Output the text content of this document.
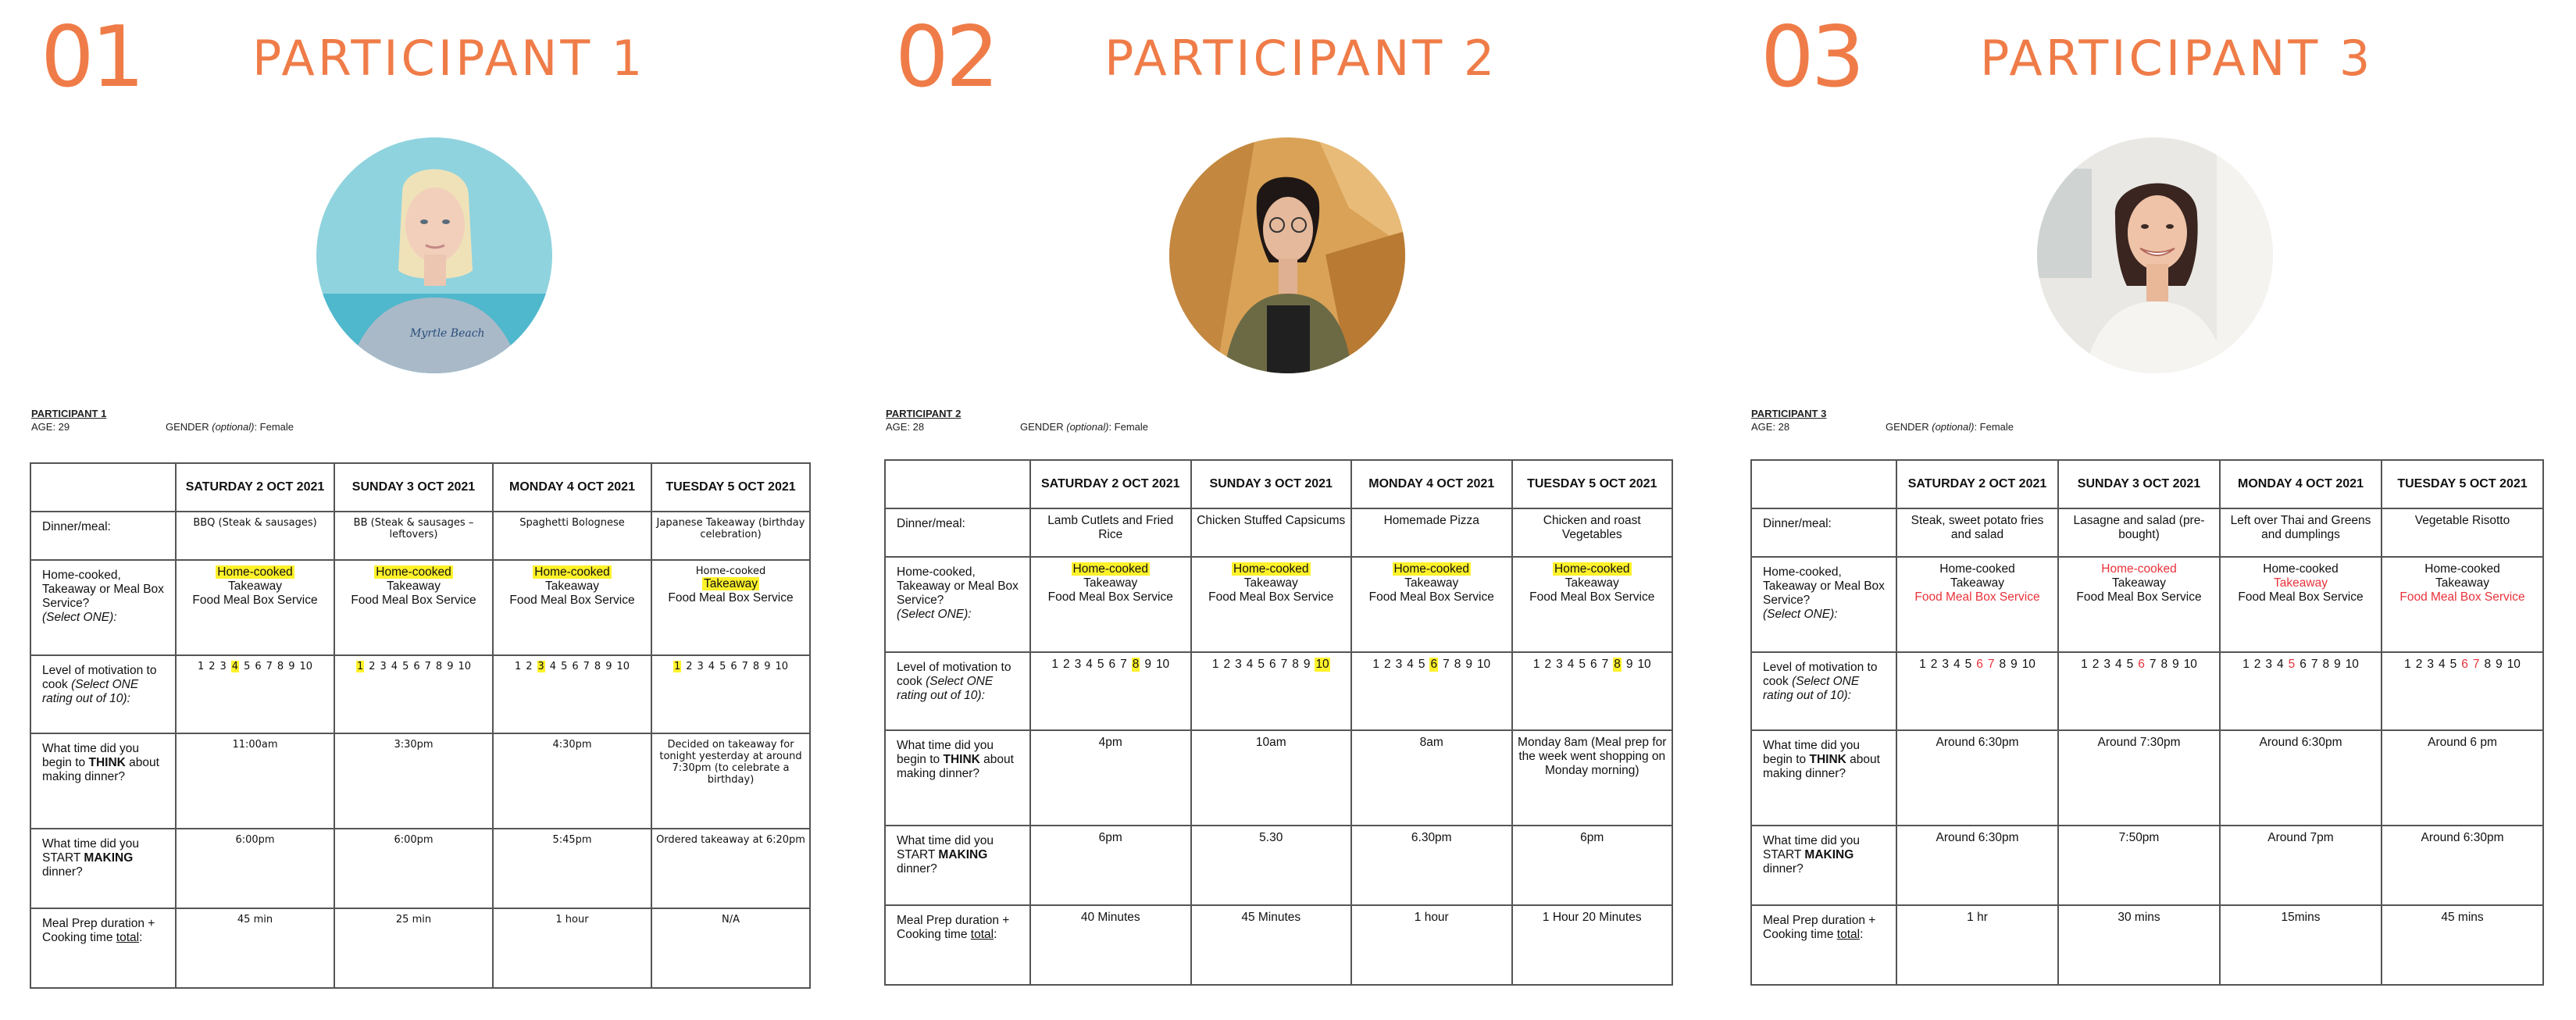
01 PARTICIPANT 1
Myrtle Beach
PARTICIPANT 1
AGE: 29	GENDER (optional): Female
	SATURDAY 2 OCT 2021	SUNDAY 3 OCT 2021	MONDAY 4 OCT 2021	TUESDAY 5 OCT 2021
Dinner/meal:	BBQ (Steak & sausages)	BB (Steak & sausages – leftovers)	Spaghetti Bolognese	Japanese Takeaway (birthday celebration)
Home-cooked, Takeaway or Meal Box Service?
(Select ONE):	Home-cooked
Takeaway
Food Meal Box Service	Home-cooked
Takeaway
Food Meal Box Service	Home-cooked
Takeaway
Food Meal Box Service	Home-cooked
Takeaway
Food Meal Box Service

Level of motivation to cook (Select ONE rating out of 10):	1 2 3 4 5 6 7 8 9 10	1 2 3 4 5 6 7 8 9 10	1 2 3 4 5 6 7 8 9 10	1 2 3 4 5 6 7 8 9 10

What time did you begin to THINK about making dinner?	11:00am	3:30pm	4:30pm	Decided on takeaway for tonight yesterday at around 7:30pm (to celebrate a birthday)
What time did you START MAKING dinner?	6:00pm	6:00pm	5:45pm	Ordered takeaway at 6:20pm
Meal Prep duration + Cooking time total:	45 min	25 min	1 hour	N/A
02 PARTICIPANT 2
PARTICIPANT 2
AGE: 28	GENDER (optional): Female
	SATURDAY 2 OCT 2021	SUNDAY 3 OCT 2021	MONDAY 4 OCT 2021	TUESDAY 5 OCT 2021
Dinner/meal:	Lamb Cutlets and Fried Rice	Chicken Stuffed Capsicums	Homemade Pizza	Chicken and roast Vegetables
Home-cooked, Takeaway or Meal Box Service?
(Select ONE):	Home-cooked
Takeaway
Food Meal Box Service	Home-cooked
Takeaway
Food Meal Box Service	Home-cooked
Takeaway
Food Meal Box Service	Home-cooked
Takeaway
Food Meal Box Service

Level of motivation to cook (Select ONE rating out of 10):	1 2 3 4 5 6 7 8 9 10	1 2 3 4 5 6 7 8 9 10	1 2 3 4 5 6 7 8 9 10	1 2 3 4 5 6 7 8 9 10

What time did you begin to THINK about making dinner?	4pm	10am	8am	Monday 8am (Meal prep for the week went shopping on Monday morning)
What time did you START MAKING dinner?	6pm	5.30	6.30pm	6pm
Meal Prep duration + Cooking time total:	40 Minutes	45 Minutes	1 hour	1 Hour 20 Minutes
03 PARTICIPANT 3
PARTICIPANT 3
AGE: 28	GENDER (optional): Female
	SATURDAY 2 OCT 2021	SUNDAY 3 OCT 2021	MONDAY 4 OCT 2021	TUESDAY 5 OCT 2021
Dinner/meal:	Steak, sweet potato fries and salad	Lasagne and salad (pre-bought)	Left over Thai and Greens and dumplings	Vegetable Risotto
Home-cooked, Takeaway or Meal Box Service?
(Select ONE):	Home-cooked
Takeaway
Food Meal Box Service	Home-cooked
Takeaway
Food Meal Box Service	Home-cooked
Takeaway
Food Meal Box Service	Home-cooked
Takeaway
Food Meal Box Service

Level of motivation to cook (Select ONE rating out of 10):	1 2 3 4 5 6 7 8 9 10	1 2 3 4 5 6 7 8 9 10	1 2 3 4 5 6 7 8 9 10	1 2 3 4 5 6 7 8 9 10

What time did you begin to THINK about making dinner?	Around 6:30pm	Around 7:30pm	Around 6:30pm	Around 6 pm
What time did you START MAKING dinner?	Around 6:30pm	7:50pm	Around 7pm	Around 6:30pm
Meal Prep duration + Cooking time total:	1 hr	30 mins	15mins	45 mins
